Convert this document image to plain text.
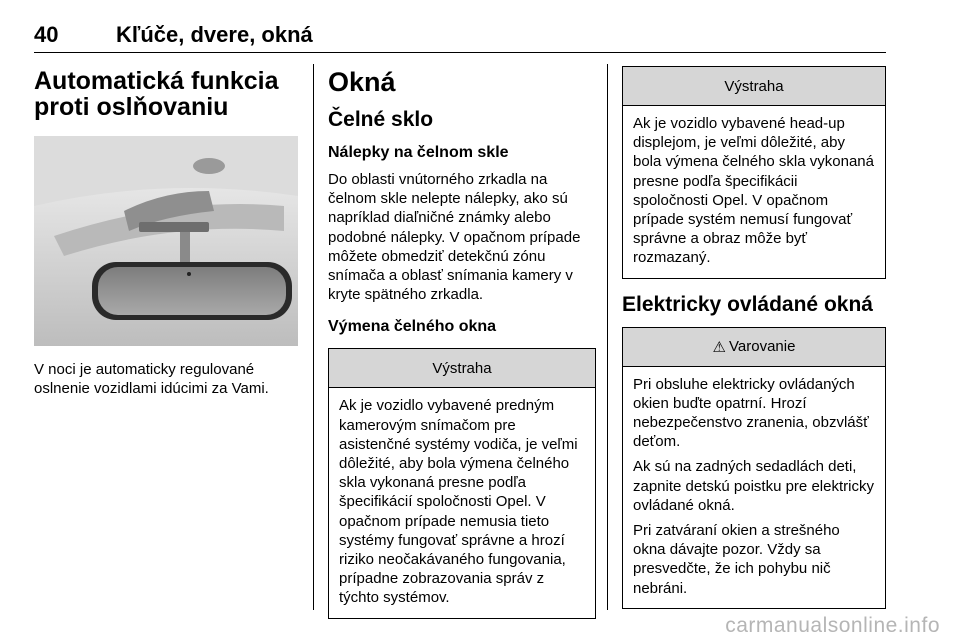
40	Kľúče, dvere, okná
Automatická funkcia proti oslňovaniu

V noci je automaticky regulované oslnenie vozidlami idúcimi za Vami.

Okná
Čelné sklo
Nálepky na čelnom skle

Do oblasti vnútorného zrkadla na čelnom skle nelepte nálepky, ako sú napríklad diaľničné známky alebo podobné nálepky. V opačnom prípade môžete obmedziť detekčnú zónu snímača a oblasť snímania kamery v kryte spätného zrkadla.

Výmena čelného okna
Výstraha

Ak je vozidlo vybavené predným kamerovým snímačom pre asistenčné systémy vodiča, je veľmi dôležité, aby bola výmena čelného skla vykonaná presne podľa špecifikácií spoločnosti Opel. V opačnom prípade nemusia tieto systémy fungovať správne a hrozí riziko neočakávaného fungovania, prípadne zobrazovania správ z týchto systémov.

Výstraha

Ak je vozidlo vybavené head-up displejom, je veľmi dôležité, aby bola výmena čelného skla vykonaná presne podľa špecifikácii spoločnosti Opel. V opačnom prípade systém nemusí fungovať správne a obraz môže byť rozmazaný.

Elektricky ovládané okná
⚠ Varovanie

Pri obsluhe elektricky ovládaných okien buďte opatrní. Hrozí nebezpečenstvo zranenia, obzvlášť deťom.

Ak sú na zadných sedadlách deti, zapnite detskú poistku pre elektricky ovládané okná.

Pri zatváraní okien a strešného okna dávajte pozor. Vždy sa presvedčte, že ich pohybu nič nebráni.

carmanualsonline.info
